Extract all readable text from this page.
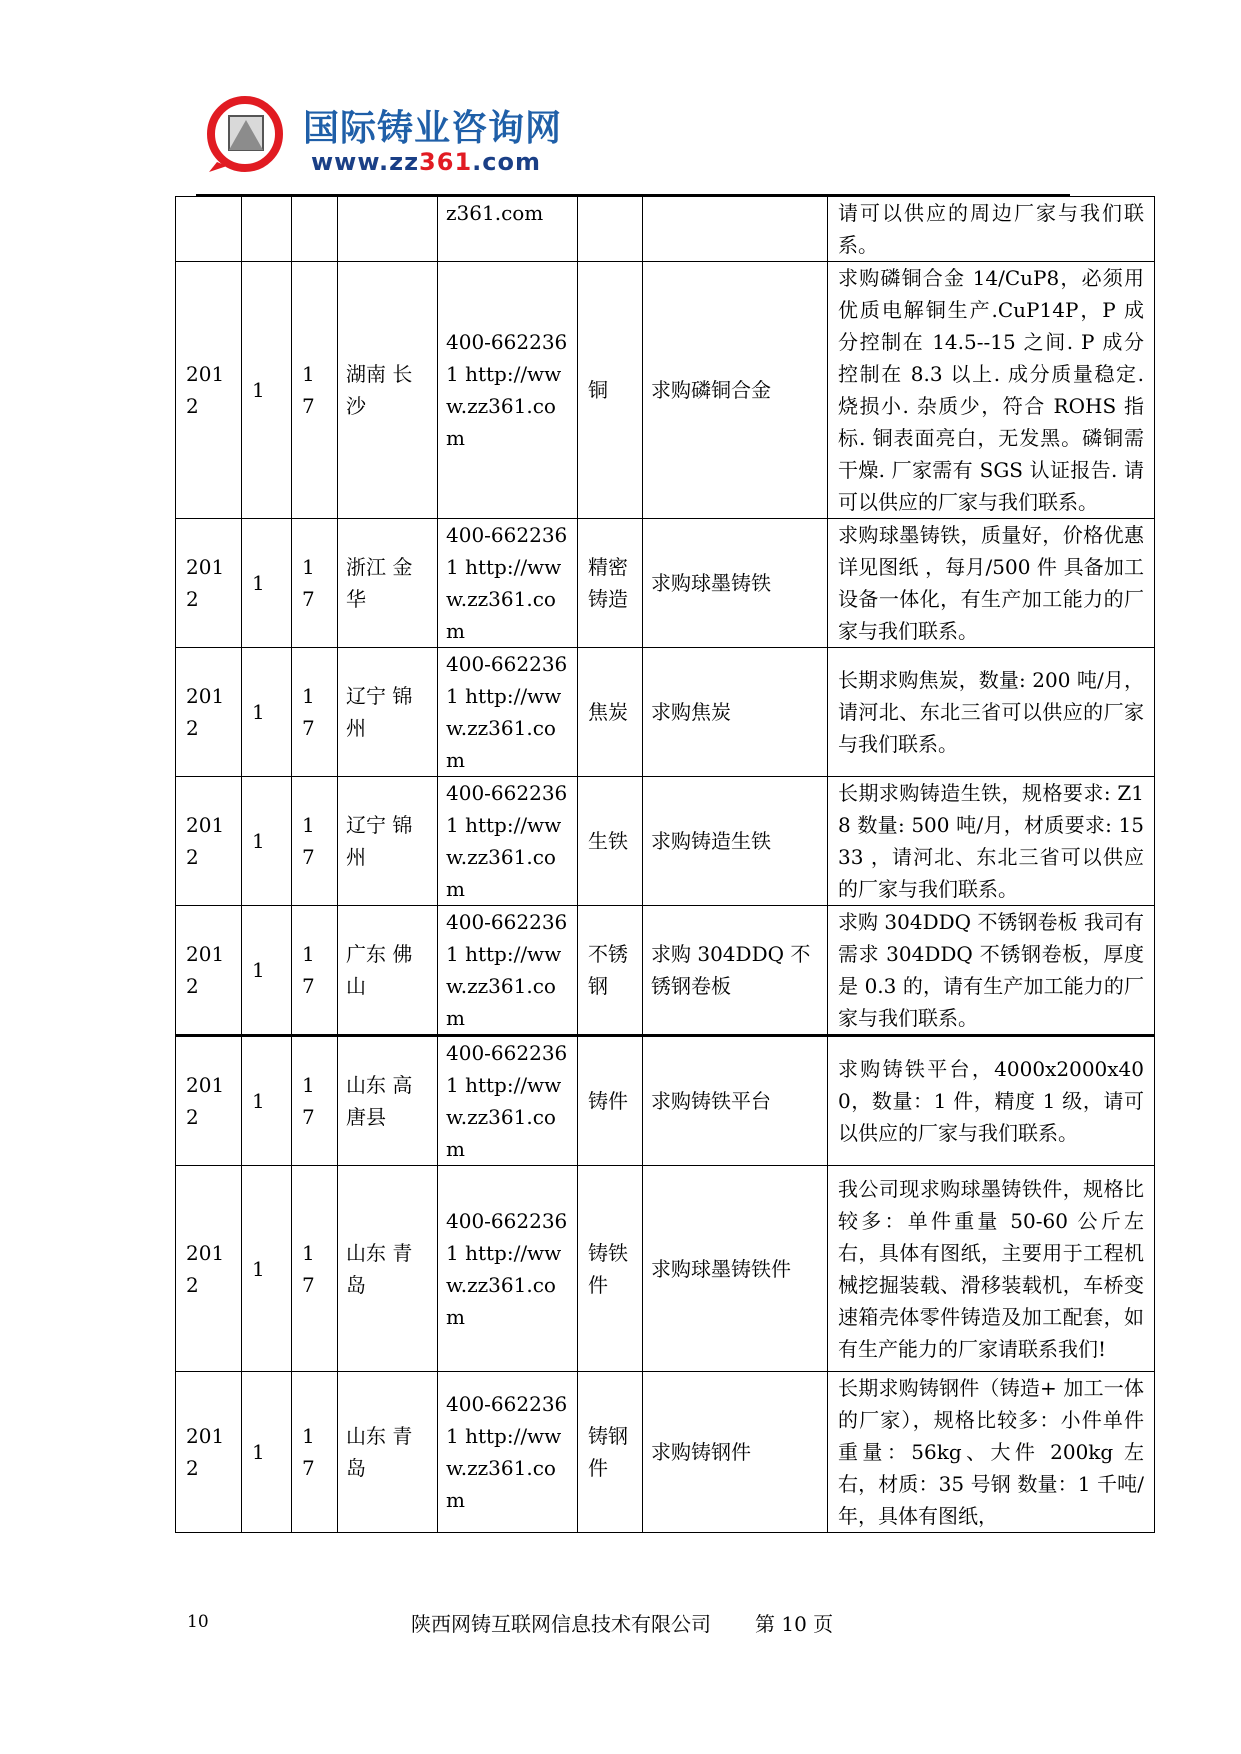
国际铸业咨询网
www.zz361.com
				z361.com			请可以供应的周边厂家与我们联系。
2012	1	17	湖南 长沙	400-6622361 http://www.zz361.com	铜	求购磷铜合金	求购磷铜合金 14/CuP8，必须用优质电解铜生产.CuP14P，P 成分控制在 14.5--15 之间. P 成分控制在 8.3 以上. 成分质量稳定. 烧损小. 杂质少，符合 ROHS 指标. 铜表面亮白，无发黑。磷铜需干燥. 厂家需有 SGS 认证报告. 请可以供应的厂家与我们联系。
2012	1	17	浙江 金华	400-6622361 http://www.zz361.com	精密铸造	求购球墨铸铁	求购球墨铸铁，质量好，价格优惠详见图纸 ，每月/500 件 具备加工设备一体化，有生产加工能力的厂家与我们联系。
2012	1	17	辽宁 锦州	400-6622361 http://www.zz361.com	焦炭	求购焦炭	长期求购焦炭，数量: 200 吨/月，请河北、东北三省可以供应的厂家与我们联系。
2012	1	17	辽宁 锦州	400-6622361 http://www.zz361.com	生铁	求购铸造生铁	长期求购铸造生铁，规格要求: Z18 数量: 500 吨/月，材质要求: 1533 ，请河北、东北三省可以供应的厂家与我们联系。
2012	1	17	广东 佛山	400-6622361 http://www.zz361.com	不锈钢	求购 304DDQ 不锈钢卷板	求购 304DDQ 不锈钢卷板 我司有需求 304DDQ 不锈钢卷板，厚度是 0.3 的，请有生产加工能力的厂家与我们联系。
2012	1	17	山东 高唐县	400-6622361 http://www.zz361.com	铸件	求购铸铁平台	求购铸铁平台，4000x2000x400，数量：1 件，精度 1 级，请可以供应的厂家与我们联系。
2012	1	17	山东 青岛	400-6622361 http://www.zz361.com	铸铁件	求购球墨铸铁件	我公司现求购球墨铸铁件，规格比较多：单件重量 50-60 公斤左右，具体有图纸，主要用于工程机械挖掘装载、滑移装载机，车桥变速箱壳体零件铸造及加工配套，如有生产能力的厂家请联系我们!
2012	1	17	山东 青岛	400-6622361 http://www.zz361.com	铸钢件	求购铸钢件	长期求购铸钢件（铸造+ 加工一体的厂家），规格比较多：小件单件重量：56kg、大件 200kg 左右，材质：35 号钢 数量：1 千吨/年，具体有图纸，
10	陕西网铸互联网信息技术有限公司 第 10 页
